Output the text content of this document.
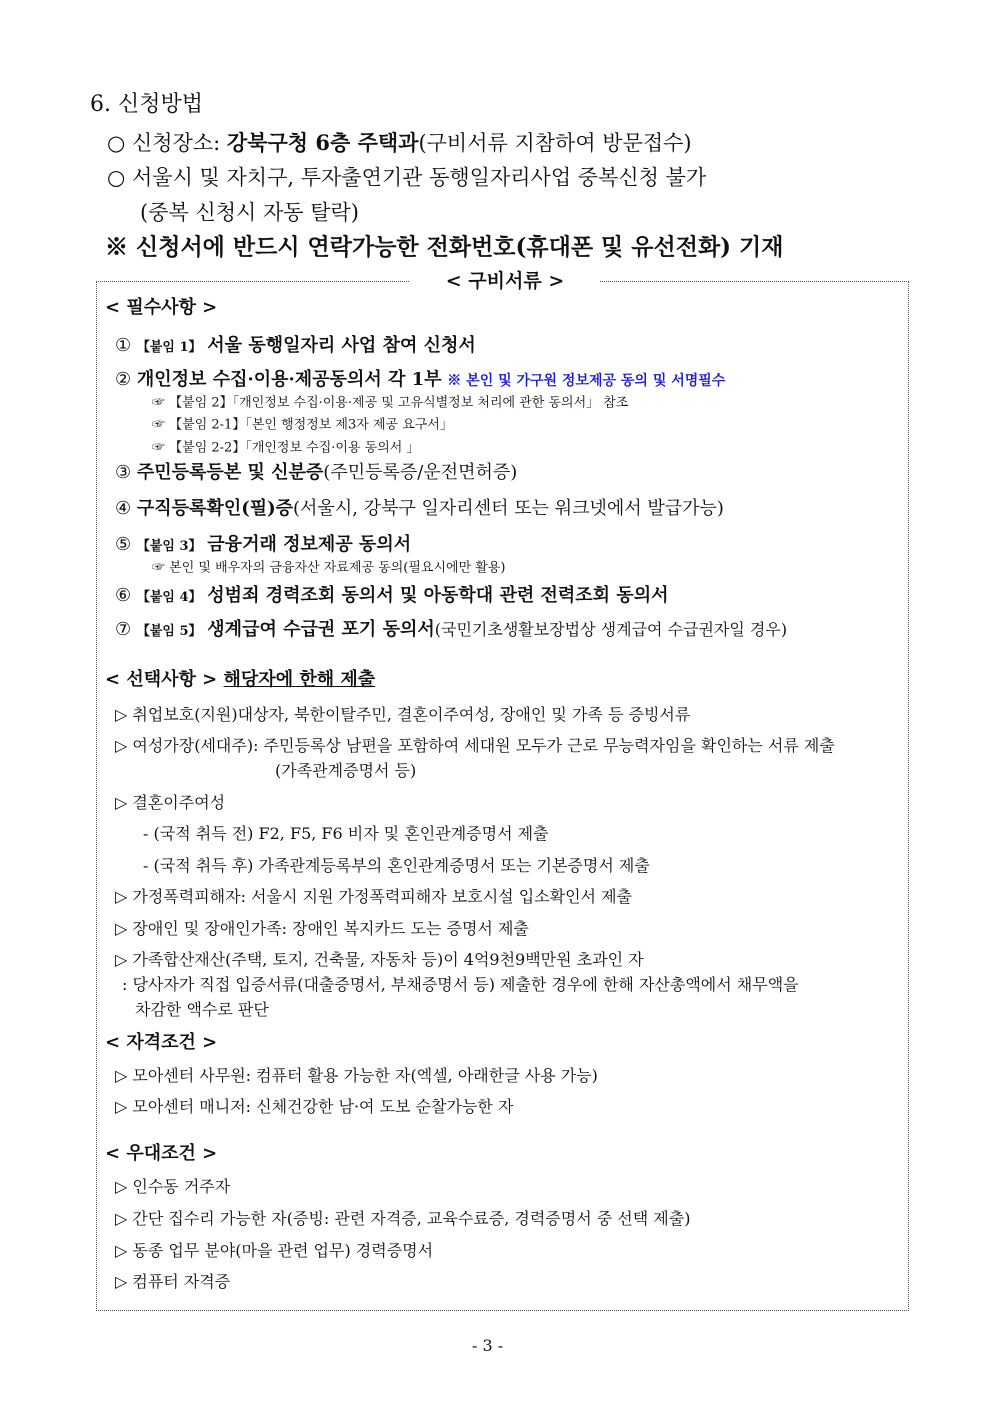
6. 신청방법
○ 신청장소: 강북구청 6층 주택과(구비서류 지참하여 방문접수)
○ 서울시 및 자치구, 투자출연기관 동행일자리사업 중복신청 불가
(중복 신청시 자동 탈락)
※ 신청서에 반드시 연락가능한 전화번호(휴대폰 및 유선전화) 기재
< 구비서류 >
< 필수사항 >
① 【붙임 1】 서울 동행일자리 사업 참여 신청서
② 개인정보 수집·이용·제공동의서 각 1부 ※ 본인 및 가구원 정보제공 동의 및 서명필수
☞ 【붙임 2】「개인정보 수집·이용·제공 및 고유식별정보 처리에 관한 동의서」 참조
☞ 【붙임 2-1】「본인 행정정보 제3자 제공 요구서」
☞ 【붙임 2-2】「개인정보 수집·이용 동의서 」
③ 주민등록등본 및 신분증(주민등록증/운전면허증)
④ 구직등록확인(필)증(서울시, 강북구 일자리센터 또는 워크넷에서 발급가능)
⑤ 【붙임 3】 금융거래 정보제공 동의서
☞ 본인 및 배우자의 금융자산 자료제공 동의(필요시에만 활용)
⑥ 【붙임 4】 성범죄 경력조회 동의서 및 아동학대 관련 전력조회 동의서
⑦ 【붙임 5】 생계급여 수급권 포기 동의서(국민기초생활보장법상 생계급여 수급권자일 경우)
< 선택사항 > 해당자에 한해 제출
▷ 취업보호(지원)대상자, 북한이탈주민, 결혼이주여성, 장애인 및 가족 등 증빙서류
▷ 여성가장(세대주): 주민등록상 남편을 포함하여 세대원 모두가 근로 무능력자임을 확인하는 서류 제출
(가족관계증명서 등)
▷ 결혼이주여성
- (국적 취득 전) F2, F5, F6 비자 및 혼인관계증명서 제출
- (국적 취득 후) 가족관계등록부의 혼인관계증명서 또는 기본증명서 제출
▷ 가정폭력피해자: 서울시 지원 가정폭력피해자 보호시설 입소확인서 제출
▷ 장애인 및 장애인가족: 장애인 복지카드 도는 증명서 제출
▷ 가족합산재산(주택, 토지, 건축물, 자동차 등)이 4억9천9백만원 초과인 자
: 당사자가 직접 입증서류(대출증명서, 부채증명서 등) 제출한 경우에 한해 자산총액에서 채무액을
차감한 액수로 판단
< 자격조건 >
▷ 모아센터 사무원: 컴퓨터 활용 가능한 자(엑셀, 아래한글 사용 가능)
▷ 모아센터 매니저: 신체건강한 남·여 도보 순찰가능한 자
< 우대조건 >
▷ 인수동 거주자
▷ 간단 집수리 가능한 자(증빙: 관련 자격증, 교육수료증, 경력증명서 중 선택 제출)
▷ 동종 업무 분야(마을 관련 업무) 경력증명서
▷ 컴퓨터 자격증
- 3 -
